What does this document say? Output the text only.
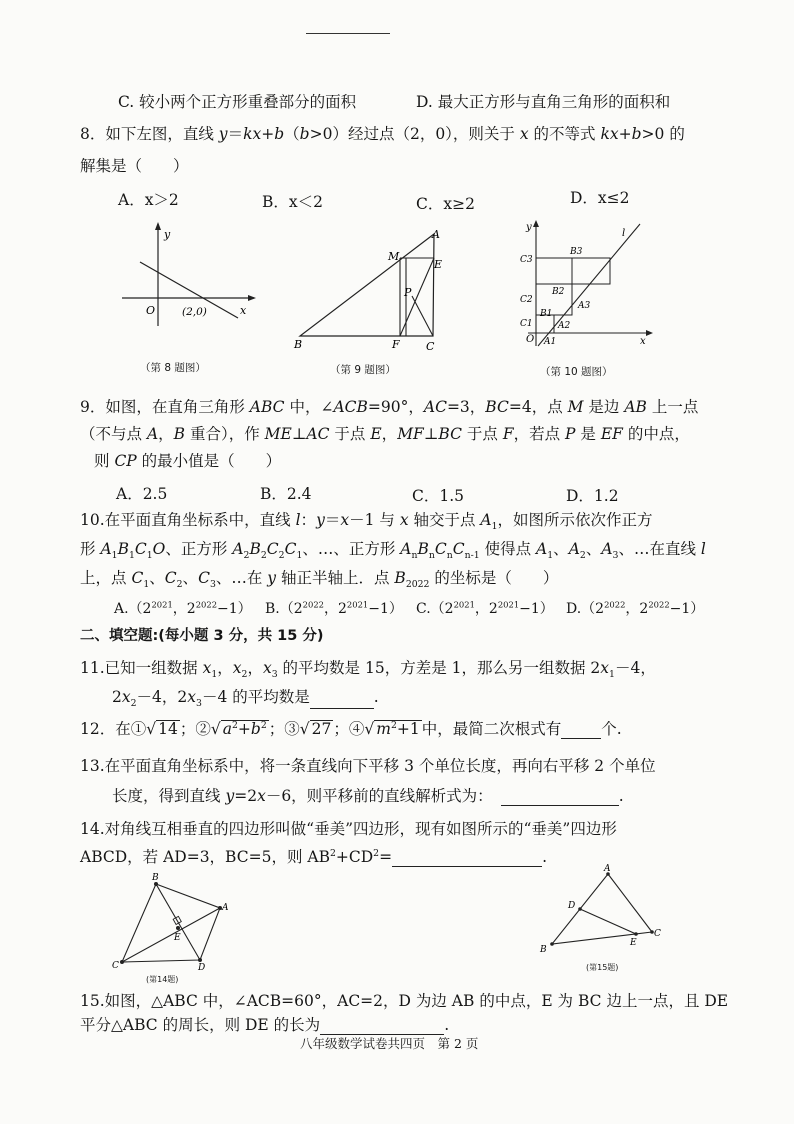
C. 较小两个正方形重叠部分的面积	D. 最大正方形与直角三角形的面积和
8．如下左图，直线 y＝kx+b（b>0）经过点（2，0），则关于 x 的不等式 kx+b>0 的
解集是（　　）
A．x＞2	B．x＜2	C．x≥2	D．x≤2
y
x
O	(2,0)
（第 8 题图）
A
M
E
P
B	F C
（第 9 题图）
y
x
O
l
C3
C2
C1
B3
B2
B1
A3
A2
A1
（第 10 题图）
9．如图，在直角三角形 ABC 中，∠ACB=90°，AC=3，BC=4，点 M 是边 AB 上一点
（不与点 A，B 重合），作 ME⊥AC 于点 E，MF⊥BC 于点 F，若点 P 是 EF 的中点，
则 CP 的最小值是（　　）
A．2.5	B．2.4	C．1.5	D．1.2
10.在平面直角坐标系中，直线 l：y＝x－1 与 x 轴交于点 $A_1$，如图所示依次作正方
形 $A_1B_1C_1O$、正方形 $A_2B_2C_2C_1$、…、正方形 $A_nB_nC_nC_{n-1}$ 使得点 $A_1$、$A_2$、$A_3$、…在直线 l
上，点 $C_1$、$C_2$、$C_3$、…在 y 轴正半轴上．点 $B_{2022}$ 的坐标是（　　）
$A.(2^{2021}$，$2^{2022}-1$） $B.(2^{2022}$，$2^{2021}-1$） $C.(2^{2021}$，$2^{2021}-1$） $D.(2^{2022}$，$2^{2022}-1$）
二、填空题:(每小题 3 分，共 15 分)
11.已知一组数据 $x_1$，$x_2$，$x_3$ 的平均数是 15，方差是 1，那么另一组数据 $2x_1-4$，
$2x_2-4$，$2x_3-4$ 的平均数是	.
12．在①√ 14 ；②√ $a^2+b^2$ ；③√ 27 ；④√ $m^2+1$ 中，最简二次根式有	个.
13.在平面直角坐标系中，将一条直线向下平移 3 个单位长度，再向右平移 2 个单位
长度，得到直线 y=2x－6，则平移前的直线解析式为：	.
14.对角线互相垂直的四边形叫做“垂美”四边形，现有如图所示的“垂美”四边形
ABCD，若 AD=3，BC=5，则 $AB^2+CD^2=$	.
B
A
E
C	D
(第14题)
A
D
E
C
B
(第15题)
15.如图，△ABC 中，∠ACB=60°，AC=2，D 为边 AB 的中点，E 为 BC 边上一点，且 DE
平分△ABC 的周长，则 DE 的长为	.
八年级数学试卷共四页　第 2 页
